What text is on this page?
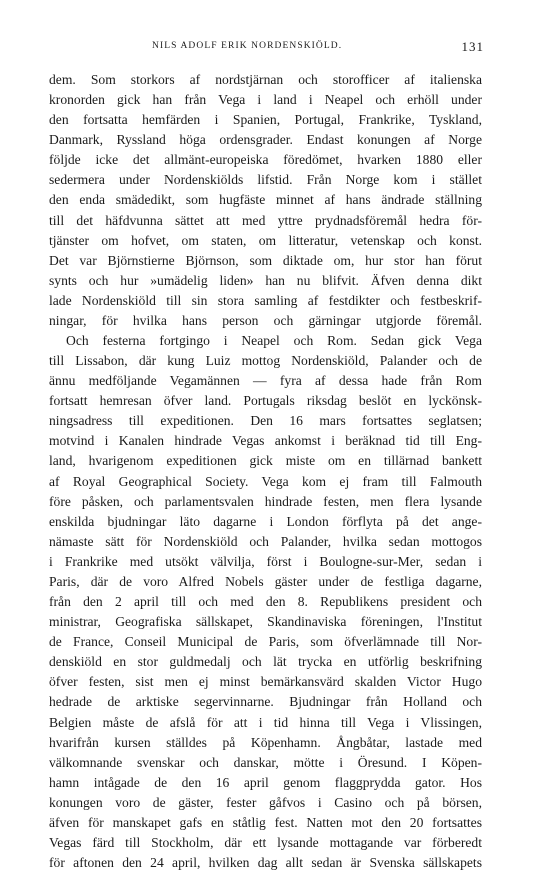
NILS ADOLF ERIK NORDENSKIÖLD.	131
dem. Som storkors af nordstjärnan och storofficer af italienska
kronorden gick han från Vega i land i Neapel och erhöll under
den fortsatta hemfärden i Spanien, Portugal, Frankrike, Tyskland,
Danmark, Ryssland höga ordensgrader. Endast konungen af Norge
följde icke det allmänt-europeiska föredömet, hvarken 1880 eller
sedermera under Nordenskiölds lifstid. Från Norge kom i stället
den enda smädedikt, som hugfäste minnet af hans ändrade ställning
till det häfdvunna sättet att med yttre prydnadsföremål hedra för-
tjänster om hofvet, om staten, om litteratur, vetenskap och konst.
Det var Björnstierne Björnson, som diktade om, hur stor han förut
synts och hur »umädelig liden» han nu blifvit. Äfven denna dikt
lade Nordenskiöld till sin stora samling af festdikter och festbeskrif-
ningar, för hvilka hans person och gärningar utgjorde föremål.
Och festerna fortgingo i Neapel och Rom. Sedan gick Vega
till Lissabon, där kung Luiz mottog Nordenskiöld, Palander och de
ännu medföljande Vegamännen — fyra af dessa hade från Rom
fortsatt hemresan öfver land. Portugals riksdag beslöt en lyckönsk-
ningsadress till expeditionen. Den 16 mars fortsattes seglatsen;
motvind i Kanalen hindrade Vegas ankomst i beräknad tid till Eng-
land, hvarigenom expeditionen gick miste om en tillärnad bankett
af Royal Geographical Society. Vega kom ej fram till Falmouth
före påsken, och parlamentsvalen hindrade festen, men flera lysande
enskilda bjudningar läto dagarne i London förflyta på det ange-
nämaste sätt för Nordenskiöld och Palander, hvilka sedan mottogos
i Frankrike med utsökt välvilja, först i Boulogne-sur-Mer, sedan i
Paris, där de voro Alfred Nobels gäster under de festliga dagarne,
från den 2 april till och med den 8. Republikens president och
ministrar, Geografiska sällskapet, Skandinaviska föreningen, l'Institut
de France, Conseil Municipal de Paris, som öfverlämnade till Nor-
denskiöld en stor guldmedalj och lät trycka en utförlig beskrifning
öfver festen, sist men ej minst bemärkansvärd skalden Victor Hugo
hedrade de arktiske segervinnarne. Bjudningar från Holland och
Belgien måste de afslå för att i tid hinna till Vega i Vlissingen,
hvarifrån kursen ställdes på Köpenhamn. Ångbåtar, lastade med
välkomnande svenskar och danskar, mötte i Öresund. I Köpen-
hamn intågade de den 16 april genom flaggprydda gator. Hos
konungen voro de gäster, fester gåfvos i Casino och på börsen,
äfven för manskapet gafs en ståtlig fest. Natten mot den 20 fortsattes
Vegas färd till Stockholm, där ett lysande mottagande var förberedt
för aftonen den 24 april, hvilken dag allt sedan är Svenska sällskapets
